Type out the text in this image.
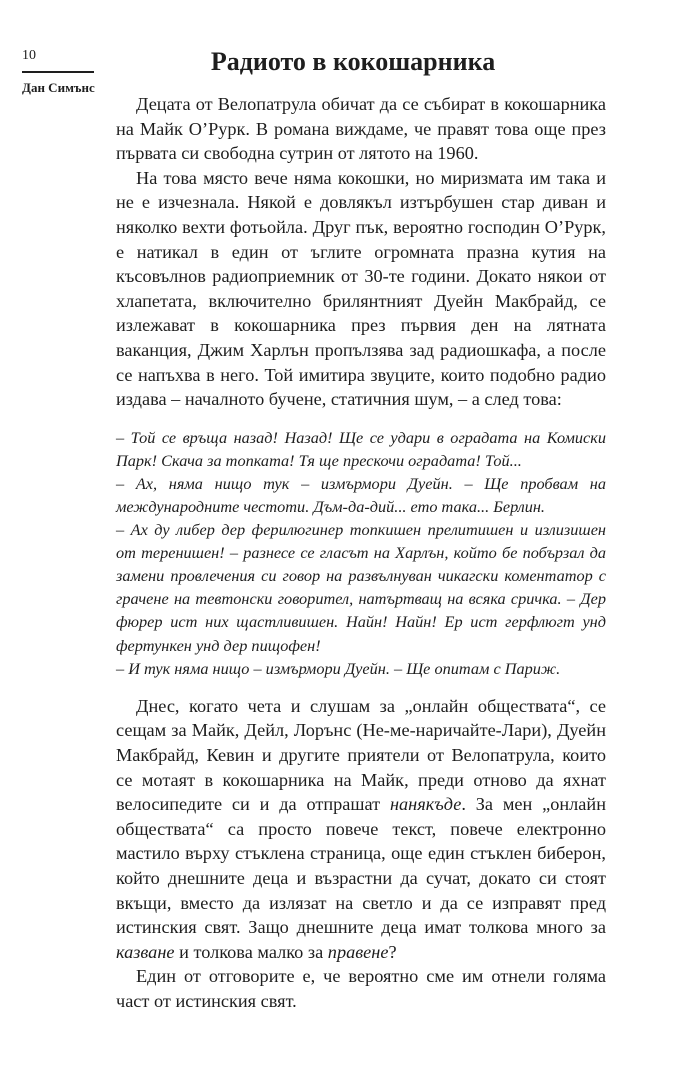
10
Дан Симънс
Радиото в кокошарника

Децата от Велопатрула обичат да се събират в кокошарника на Майк О’Рурк. В романа виждаме, че правят това още през първата си свободна сутрин от лятото на 1960.

На това място вече няма кокошки, но миризмата им така и не е изчезнала. Някой е довлякъл изтърбушен стар диван и няколко вехти фотьойла. Друг пък, вероятно господин О’Рурк, е натикал в един от ъглите огромната празна кутия на късовълнов радиоприемник от 30-те години. Докато някои от хлапетата, включително брилянтният Дуейн Макбрайд, се излежават в кокошарника през първия ден на лятната ваканция, Джим Харлън пропълзява зад радиошкафа, а после се напъхва в него. Той имитира звуците, които подобно радио издава – началното бучене, статичния шум, – а след това:

– Той се връща назад! Назад! Ще се удари в оградата на Комиски Парк! Скача за топката! Тя ще прескочи оградата! Той...
– Ах, няма нищо тук – измърмори Дуейн. – Ще пробвам на международните честоти. Дъм-да-дий... ето така... Берлин.
– Ах ду либер дер ферилюгинер топкишен прелитишен и излизишен от теренишен! – разнесе се гласът на Харлън, който бе побързал да замени провлечения си говор на развълнуван чикагски коментатор с грачене на тевтонски говорител, натъртващ на всяка сричка. – Дер фюрер ист них щастливишен. Найн! Найн! Ер ист герфлюгт унд фертункен унд дер пищофен!
– И тук няма нищо – измърмори Дуейн. – Ще опитам с Париж.

Днес, когато чета и слушам за „онлайн обществата“, се сещам за Майк, Дейл, Лорънс (Не-ме-наричайте-Лари), Дуейн Макбрайд, Кевин и другите приятели от Велопатрула, които се мотаят в кокошарника на Майк, преди отново да яхнат велосипедите си и да отпрашат нанякъде. За мен „онлайн обществата“ са просто повече текст, повече електронно мастило върху стъклена страница, още един стъклен биберон, който днешните деца и възрастни да сучат, докато си стоят вкъщи, вместо да излязат на светло и да се изправят пред истинския свят. Защо днешните деца имат толкова много за казване и толкова малко за правене?

Един от отговорите е, че вероятно сме им отнели голяма част от истинския свят.
